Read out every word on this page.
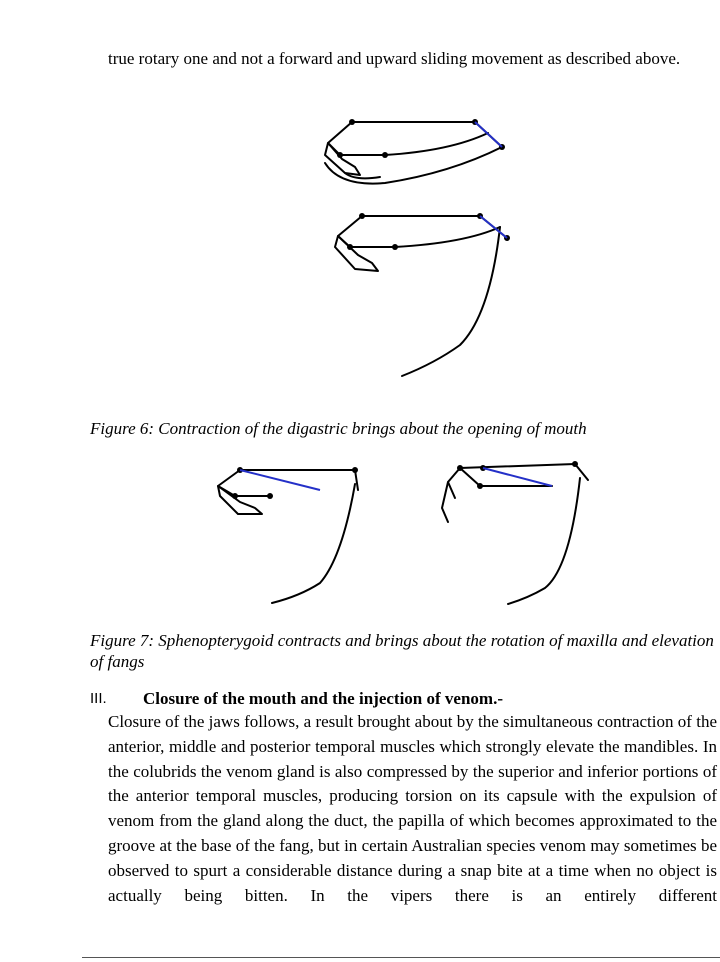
true rotary one and not a forward and upward sliding movement as described above.

Figure 6: Contraction of the digastric brings about the opening of mouth

Figure 7: Sphenopterygoid contracts and brings about the rotation of maxilla and elevation of fangs

III. Closure of the mouth and the injection of venom.-

Closure of the jaws follows, a result brought about by the simultaneous contraction of the anterior, middle and posterior temporal muscles which strongly elevate the mandibles. In the colubrids the venom gland is also compressed by the superior and inferior portions of the anterior temporal muscles, producing torsion on its capsule with the expulsion of venom from the gland along the duct, the papilla of which becomes approximated to the groove at the base of the fang, but in certain Australian species venom may sometimes be observed to spurt a considerable distance during a snap bite at a time when no object is actually being bitten. In the vipers there is an entirely different
